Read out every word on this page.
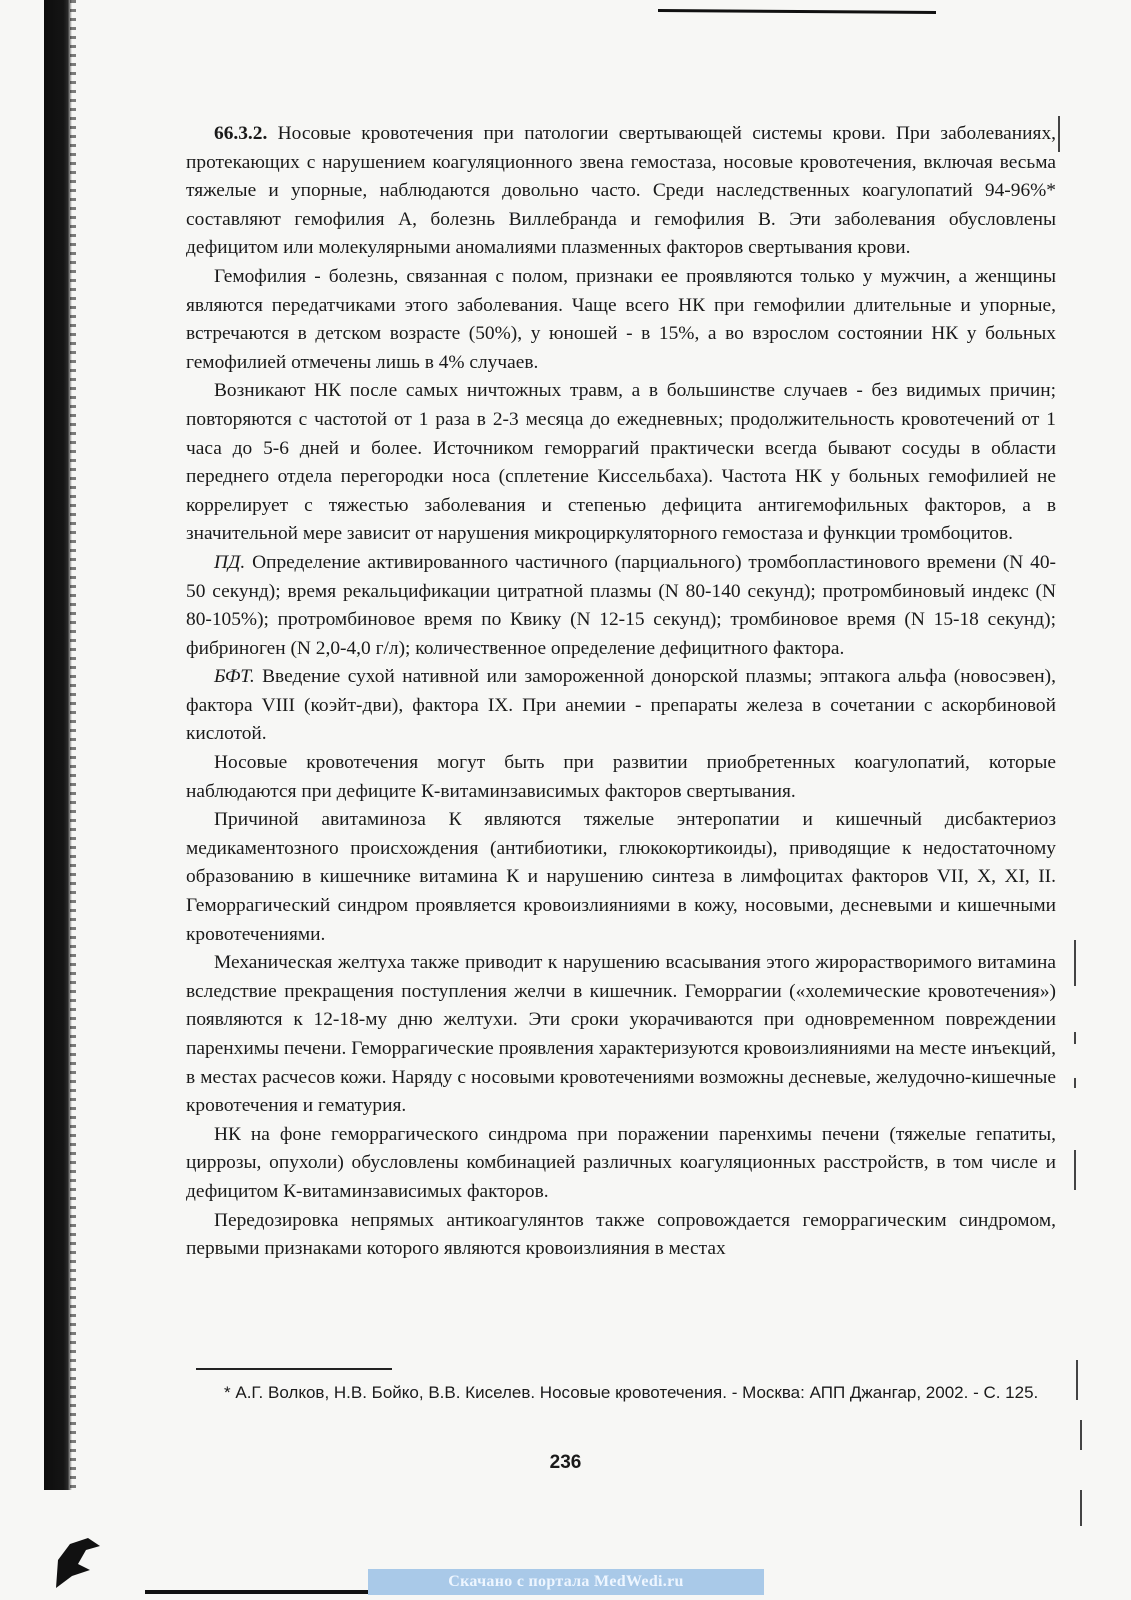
66.3.2. Носовые кровотечения при патологии свертывающей системы крови. При заболеваниях, протекающих с нарушением коагуляционного звена гемостаза, носовые кровотечения, включая весьма тяжелые и упорные, наблюдаются довольно часто. Среди наследственных коагулопатий 94-96%* составляют гемофилия А, болезнь Виллебранда и гемофилия В. Эти заболевания обусловлены дефицитом или молекулярными аномалиями плазменных факторов свертывания крови.

Гемофилия - болезнь, связанная с полом, признаки ее проявляются только у мужчин, а женщины являются передатчиками этого заболевания. Чаще всего НК при гемофилии длительные и упорные, встречаются в детском возрасте (50%), у юношей - в 15%, а во взрослом состоянии НК у больных гемофилией отмечены лишь в 4% случаев.

Возникают НК после самых ничтожных травм, а в большинстве случаев - без видимых причин; повторяются с частотой от 1 раза в 2-3 месяца до ежедневных; продолжительность кровотечений от 1 часа до 5-6 дней и более. Источником геморрагий практически всегда бывают сосуды в области переднего отдела перегородки носа (сплетение Киссельбаха). Частота НК у больных гемофилией не коррелирует с тяжестью заболевания и степенью дефицита антигемофильных факторов, а в значительной мере зависит от нарушения микроциркуляторного гемостаза и функции тромбоцитов.

ПД. Определение активированного частичного (парциального) тромбопластинового времени (N 40-50 секунд); время рекальцификации цитратной плазмы (N 80-140 секунд); протромбиновый индекс (N 80-105%); протромбиновое время по Квику (N 12-15 секунд); тромбиновое время (N 15-18 секунд); фибриноген (N 2,0-4,0 г/л); количественное определение дефицитного фактора.

БФТ. Введение сухой нативной или замороженной донорской плазмы; эптакога альфа (новосэвен), фактора VIII (коэйт-дви), фактора IX. При анемии - препараты железа в сочетании с аскорбиновой кислотой.

Носовые кровотечения могут быть при развитии приобретенных коагулопатий, которые наблюдаются при дефиците К-витаминзависимых факторов свертывания.

Причиной авитаминоза К являются тяжелые энтеропатии и кишечный дисбактериоз медикаментозного происхождения (антибиотики, глюкокортикоиды), приводящие к недостаточному образованию в кишечнике витамина К и нарушению синтеза в лимфоцитах факторов VII, X, XI, II. Геморрагический синдром проявляется кровоизлияниями в кожу, носовыми, десневыми и кишечными кровотечениями.

Механическая желтуха также приводит к нарушению всасывания этого жирорастворимого витамина вследствие прекращения поступления желчи в кишечник. Геморрагии («холемические кровотечения») появляются к 12-18-му дню желтухи. Эти сроки укорачиваются при одновременном повреждении паренхимы печени. Геморрагические проявления характеризуются кровоизлияниями на месте инъекций, в местах расчесов кожи. Наряду с носовыми кровотечениями возможны десневые, желудочно-кишечные кровотечения и гематурия.

НК на фоне геморрагического синдрома при поражении паренхимы печени (тяжелые гепатиты, циррозы, опухоли) обусловлены комбинацией различных коагуляционных расстройств, в том числе и дефицитом К-витаминзависимых факторов.

Передозировка непрямых антикоагулянтов также сопровождается геморрагическим синдромом, первыми признаками которого являются кровоизлияния в местах

* А.Г. Волков, Н.В. Бойко, В.В. Киселев. Носовые кровотечения. - Москва: АПП Джангар, 2002. - С. 125.
236
Скачано с портала MedWedi.ru
